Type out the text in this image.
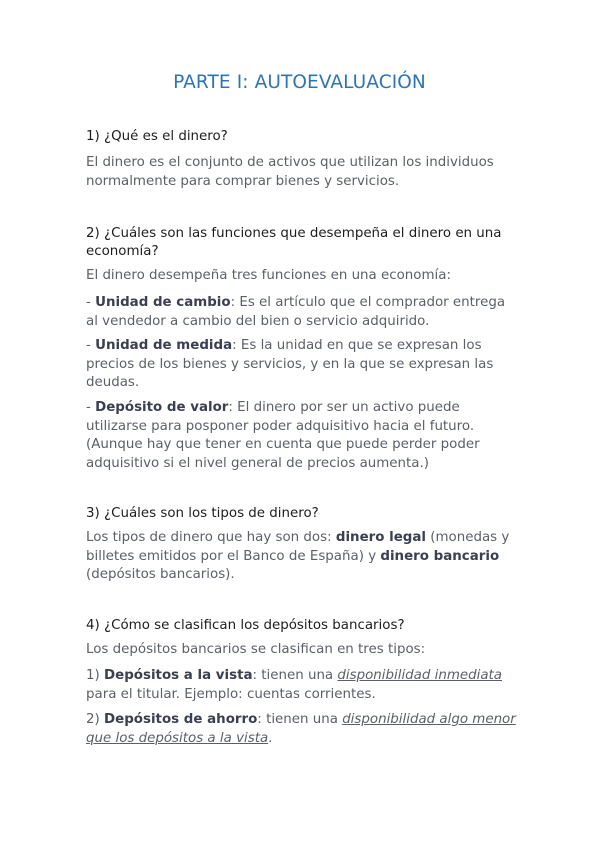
PARTE I: AUTOEVALUACIÓN
1) ¿Qué es el dinero?
El dinero es el conjunto de activos que utilizan los individuos normalmente para comprar bienes y servicios.
2) ¿Cuáles son las funciones que desempeña el dinero en una economía?
El dinero desempeña tres funciones en una economía:
- Unidad de cambio: Es el artículo que el comprador entrega al vendedor a cambio del bien o servicio adquirido.
- Unidad de medida: Es la unidad en que se expresan los precios de los bienes y servicios, y en la que se expresan las deudas.
- Depósito de valor: El dinero por ser un activo puede utilizarse para posponer poder adquisitivo hacia el futuro. (Aunque hay que tener en cuenta que puede perder poder adquisitivo si el nivel general de precios aumenta.)
3) ¿Cuáles son los tipos de dinero?
Los tipos de dinero que hay son dos: dinero legal (monedas y billetes emitidos por el Banco de España) y dinero bancario (depósitos bancarios).
4) ¿Cómo se clasifican los depósitos bancarios?
Los depósitos bancarios se clasifican en tres tipos:
1) Depósitos a la vista: tienen una disponibilidad inmediata para el titular. Ejemplo: cuentas corrientes.
2) Depósitos de ahorro: tienen una disponibilidad algo menor que los depósitos a la vista.
